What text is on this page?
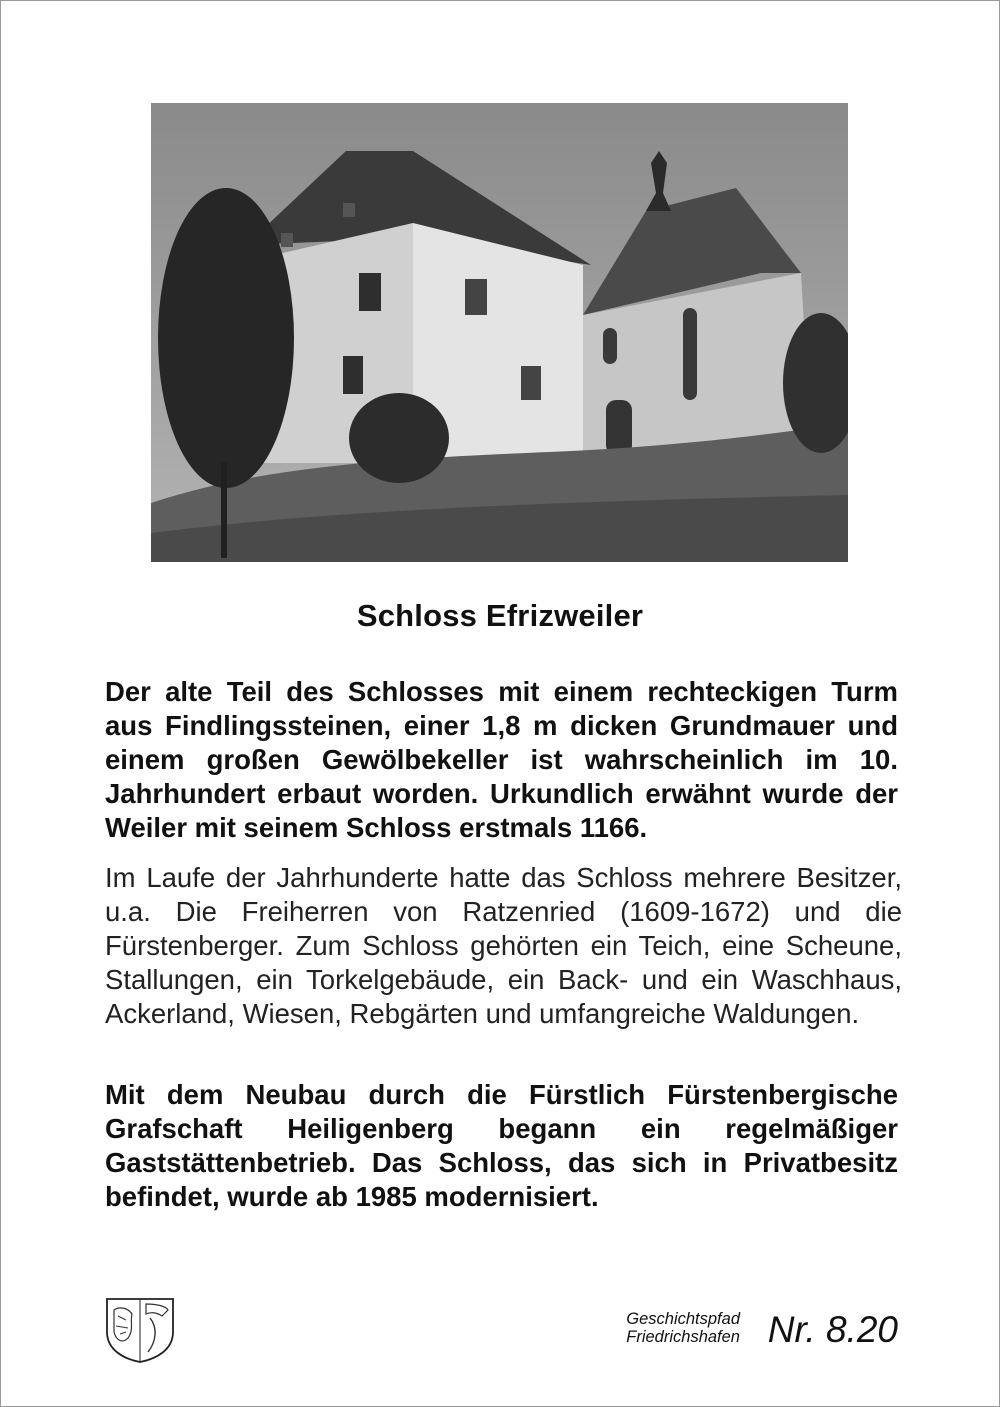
Schloss Efrizweiler

Der alte Teil des Schlosses mit einem rechteckigen Turm aus Findlingssteinen, einer 1,8 m dicken Grundmauer und einem großen Gewölbekeller ist wahrscheinlich im 10. Jahrhundert erbaut worden. Urkundlich erwähnt wurde der Weiler mit seinem Schloss erstmals 1166.

Im Laufe der Jahrhunderte hatte das Schloss mehrere Besitzer, u.a. Die Freiherren von Ratzenried (1609-1672) und die Fürstenberger. Zum Schloss gehörten ein Teich, eine Scheune, Stallungen, ein Torkelgebäude, ein Back- und ein Waschhaus, Ackerland, Wiesen, Rebgärten und umfangreiche Waldungen.

Mit dem Neubau durch die Fürstlich Fürstenbergische Grafschaft Heiligenberg begann ein regelmäßiger Gaststättenbetrieb. Das Schloss, das sich in Privatbesitz befindet, wurde ab 1985 modernisiert.

Geschichtspfad
Friedrichshafen Nr. 8.20
